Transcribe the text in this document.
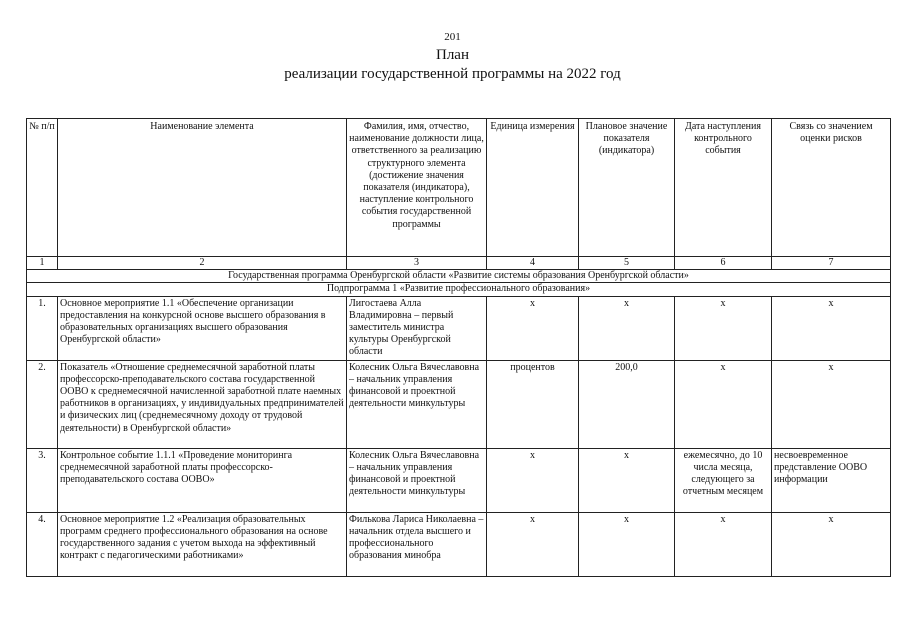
201
План
реализации государственной программы на 2022 год
№ п/п	Наименование элемента	Фамилия, имя, отчество, наименование должности лица, ответственного за реализацию структурного элемента (достижение значения показателя (индикатора), наступление контрольного события государственной программы	Единица измерения	Плановое значение показателя (индикатора)	Дата наступления контрольного события	Связь со значением оценки рисков
1	2	3	4	5	6	7
Государственная программа Оренбургской области «Развитие системы образования Оренбургской области»						
Подпрограмма 1 «Развитие профессионального образования»						
1.	Основное мероприятие 1.1 «Обеспечение организации предоставления на конкурсной основе высшего образования в образовательных организациях высшего образования Оренбургской области»	Лигостаева Алла Владимировна – первый заместитель министра культуры Оренбургской области	х	х	х	х
2.	Показатель «Отношение среднемесячной заработной платы профессорско-преподавательского состава государственной ООВО к среднемесячной начисленной заработной плате наемных работников в организациях, у индивидуальных предпринимателей и физических лиц (среднемесячному доходу от трудовой деятельности) в Оренбургской области»	Колесник Ольга Вячеславовна – начальник управления финансовой и проектной деятельности минкультуры	процентов	200,0	х	х
3.	Контрольное событие 1.1.1 «Проведение мониторинга среднемесячной заработной платы профессорско-преподавательского состава ООВО»	Колесник Ольга Вячеславовна – начальник управления финансовой и проектной деятельности минкультуры	х	х	ежемесячно, до 10 числа месяца, следующего за отчетным месяцем	несвоевременное представление ООВО информации
4.	Основное мероприятие 1.2 «Реализация образовательных программ среднего профессионального образования на основе государственного задания с учетом выхода на эффективный контракт с педагогическими работниками»	Филькова Лариса Николаевна – начальник отдела высшего и профессионального образования минобра	х	х	х	х
